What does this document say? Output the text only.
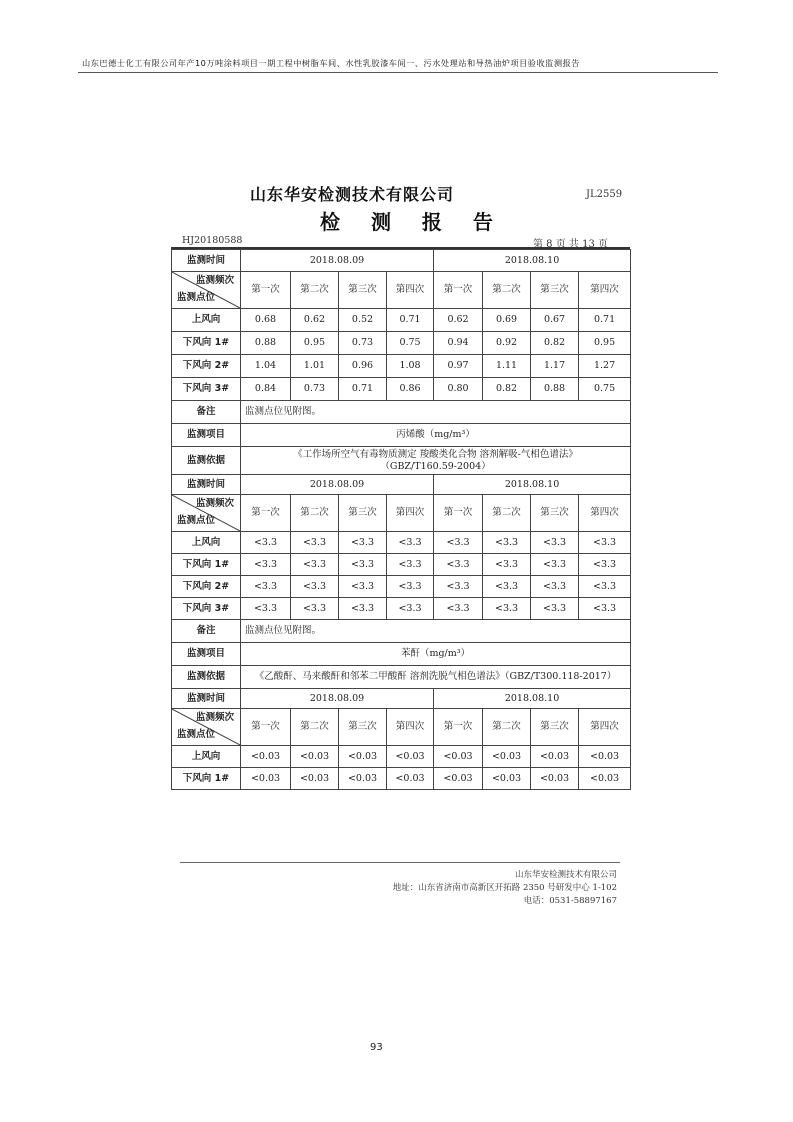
山东巴德士化工有限公司年产10万吨涂料项目一期工程中树脂车间、水性乳胶漆车间一、污水处理站和导热油炉项目验收监测报告
山东华安检测技术有限公司	JL2559
检 测 报 告
HJ20180588	第 8 页 共 13 页
监测时间	2018.08.09				2018.08.10			

监测频次
监测点位	第一次	第二次	第三次	第四次	第一次	第二次	第三次	第四次
上风向	0.68	0.62	0.52	0.71	0.62	0.69	0.67	0.71
下风向 1#	0.88	0.95	0.73	0.75	0.94	0.92	0.82	0.95
下风向 2#	1.04	1.01	0.96	1.08	0.97	1.11	1.17	1.27
下风向 3#	0.84	0.73	0.71	0.86	0.80	0.82	0.88	0.75
备注	监测点位见附图。							
监测项目	丙烯酸（mg/m³）							
监测依据	《工作场所空气有毒物质测定 羧酸类化合物 溶剂解吸-气相色谱法》
（GBZ/T160.59-2004）							

监测时间	2018.08.09				2018.08.10			

监测频次
监测点位	第一次	第二次	第三次	第四次	第一次	第二次	第三次	第四次
上风向	<3.3	<3.3	<3.3	<3.3	<3.3	<3.3	<3.3	<3.3
下风向 1#	<3.3	<3.3	<3.3	<3.3	<3.3	<3.3	<3.3	<3.3
下风向 2#	<3.3	<3.3	<3.3	<3.3	<3.3	<3.3	<3.3	<3.3
下风向 3#	<3.3	<3.3	<3.3	<3.3	<3.3	<3.3	<3.3	<3.3
备注	监测点位见附图。							
监测项目	苯酐（mg/m³）							
监测依据	《乙酸酐、马来酸酐和邻苯二甲酸酐 溶剂洗脱气相色谱法》（GBZ/T300.118-2017）							
监测时间	2018.08.09				2018.08.10			

监测频次
监测点位	第一次	第二次	第三次	第四次	第一次	第二次	第三次	第四次
上风向	<0.03	<0.03	<0.03	<0.03	<0.03	<0.03	<0.03	<0.03
下风向 1#	<0.03	<0.03	<0.03	<0.03	<0.03	<0.03	<0.03	<0.03
山东华安检测技术有限公司
地址：山东省济南市高新区开拓路 2350 号研发中心 1-102
电话：0531-58897167
93
